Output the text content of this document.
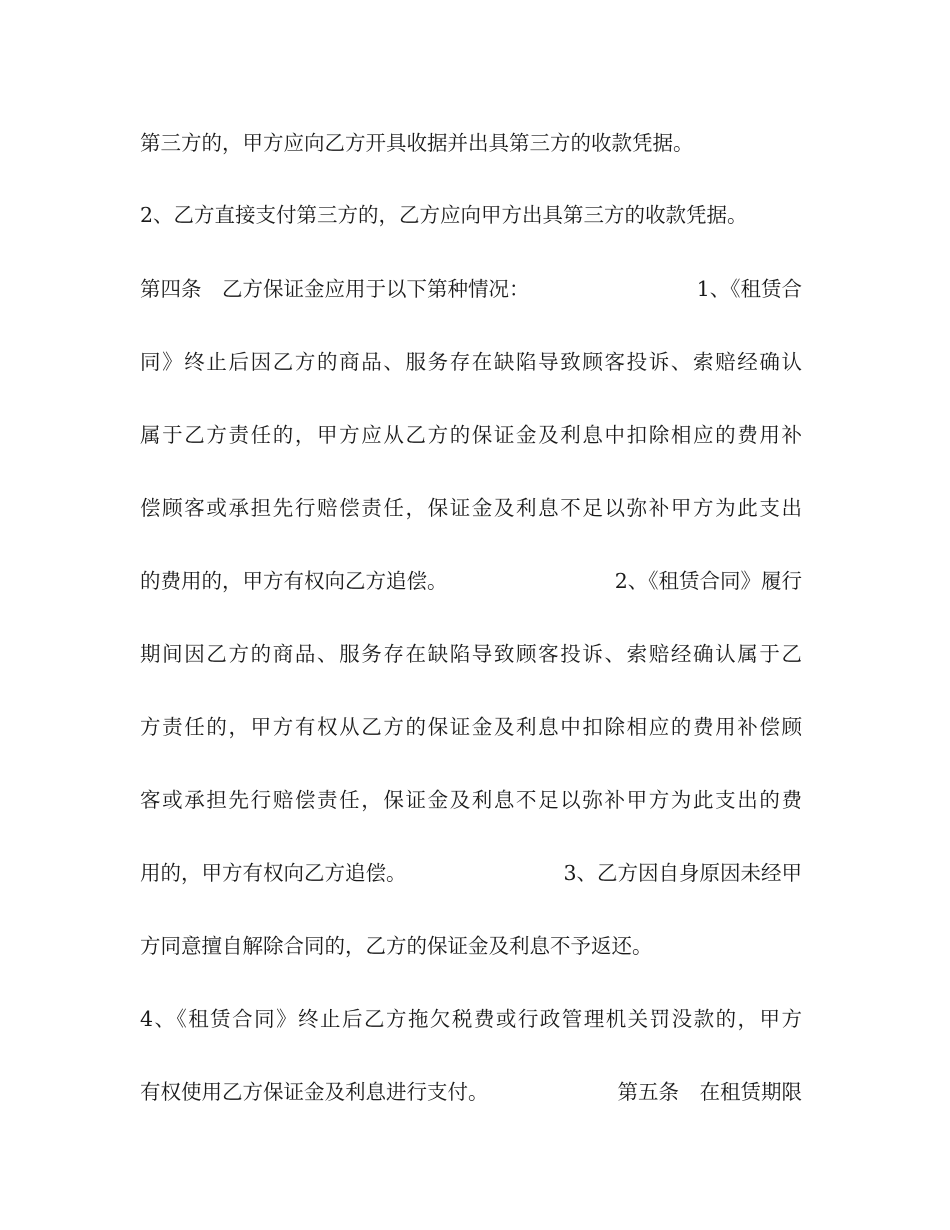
第三方的，甲方应向乙方开具收据并出具第三方的收款凭据。
2、乙方直接支付第三方的，乙方应向甲方出具第三方的收款凭据。

第四条　乙方保证金应用于以下第种情况：

	1、《租赁合

同》终止后因乙方的商品、服务存在缺陷导致顾客投诉、索赔经确认
属于乙方责任的，甲方应从乙方的保证金及利息中扣除相应的费用补
偿顾客或承担先行赔偿责任，保证金及利息不足以弥补甲方为此支出

的费用的，甲方有权向乙方追偿。

	2、《租赁合同》履行

期间因乙方的商品、服务存在缺陷导致顾客投诉、索赔经确认属于乙
方责任的，甲方有权从乙方的保证金及利息中扣除相应的费用补偿顾
客或承担先行赔偿责任，保证金及利息不足以弥补甲方为此支出的费

用的，甲方有权向乙方追偿。

	3、乙方因自身原因未经甲

方同意擅自解除合同的，乙方的保证金及利息不予返还。
4、《租赁合同》终止后乙方拖欠税费或行政管理机关罚没款的，甲方

有权使用乙方保证金及利息进行支付。

	第五条　在租赁期限
